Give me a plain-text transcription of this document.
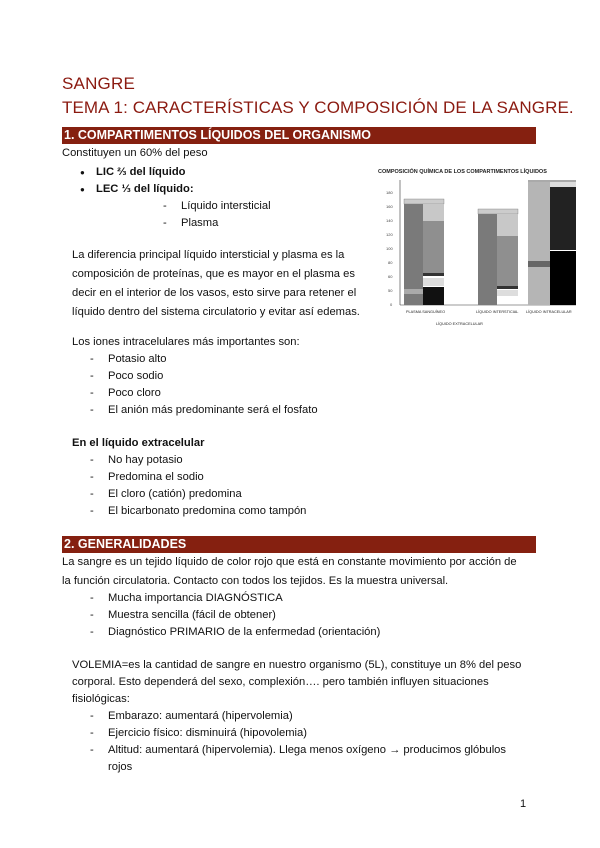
SANGRE
TEMA 1: CARACTERÍSTICAS Y COMPOSICIÓN DE LA SANGRE.
1. COMPARTIMENTOS LÍQUIDOS DEL ORGANISMO
Constituyen un 60% del peso
● LIC ⅔ del líquido
● LEC ⅓ del líquido:
- Líquido intersticial
- Plasma
La diferencia principal líquido intersticial y plasma es la
composición de proteínas, que es mayor en el plasma es
decir en el interior de los vasos, esto sirve para retener el
líquido dentro del sistema circulatorio y evitar así edemas.
Los iones intracelulares más importantes son:
- Potasio alto
- Poco sodio
- Poco cloro
- El anión más predominante será el fosfato
En el líquido extracelular
- No hay potasio
- Predomina el sodio
- El cloro (catión) predomina
- El bicarbonato predomina como tampón
COMPOSICIÓN QUÍMICA DE LOS COMPARTIMENTOS LÍQUIDOS
0
50
60
80
100
120
140
160
180
PLASMA SANGUÍNEO	LÍQUIDO INTERSTICIAL LÍQUIDO INTRACELULAR
LÍQUIDO EXTRACELULAR
2. GENERALIDADES
La sangre es un tejido líquido de color rojo que está en constante movimiento por acción de
la función circulatoria. Contacto con todos los tejidos. Es la muestra universal.
- Mucha importancia DIAGNÓSTICA
- Muestra sencilla (fácil de obtener)
- Diagnóstico PRIMARIO de la enfermedad (orientación)
VOLEMIA=es la cantidad de sangre en nuestro organismo (5L), constituye un 8% del peso
corporal. Esto dependerá del sexo, complexión…. pero también influyen situaciones
fisiológicas:
- Embarazo: aumentará (hipervolemia)
- Ejercicio físico: disminuirá (hipovolemia)
- Altitud: aumentará (hipervolemia). Llega menos oxígeno → producimos glóbulos
rojos
1
